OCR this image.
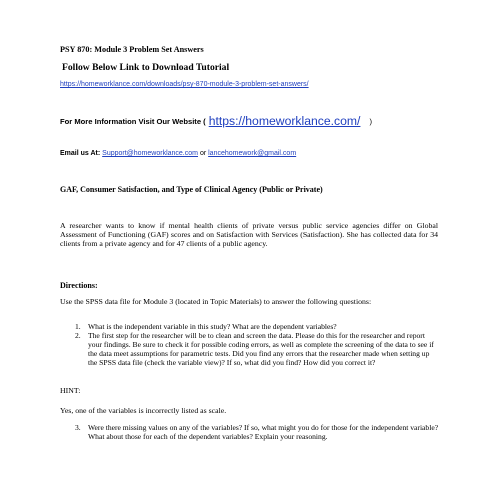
PSY 870: Module 3 Problem Set Answers
Follow Below Link to Download Tutorial
https://homeworklance.com/downloads/psy-870-module-3-problem-set-answers/
For More Information Visit Our Website ( https://homeworklance.com/ )
Email us At: Support@homeworklance.com or lancehomework@gmail.com
GAF, Consumer Satisfaction, and Type of Clinical Agency (Public or Private)
A researcher wants to know if mental health clients of private versus public service agencies differ on Global Assessment of Functioning (GAF) scores and on Satisfaction with Services (Satisfaction). She has collected data for 34 clients from a private agency and for 47 clients of a public agency.
Directions:
Use the SPSS data file for Module 3 (located in Topic Materials) to answer the following questions:
1. What is the independent variable in this study? What are the dependent variables?
2. The first step for the researcher will be to clean and screen the data. Please do this for the researcher and report your findings. Be sure to check it for possible coding errors, as well as complete the screening of the data to see if the data meet assumptions for parametric tests. Did you find any errors that the researcher made when setting up the SPSS data file (check the variable view)? If so, what did you find? How did you correct it?
HINT:
Yes, one of the variables is incorrectly listed as scale.
3. Were there missing values on any of the variables? If so, what might you do for those for the independent variable? What about those for each of the dependent variables? Explain your reasoning.
